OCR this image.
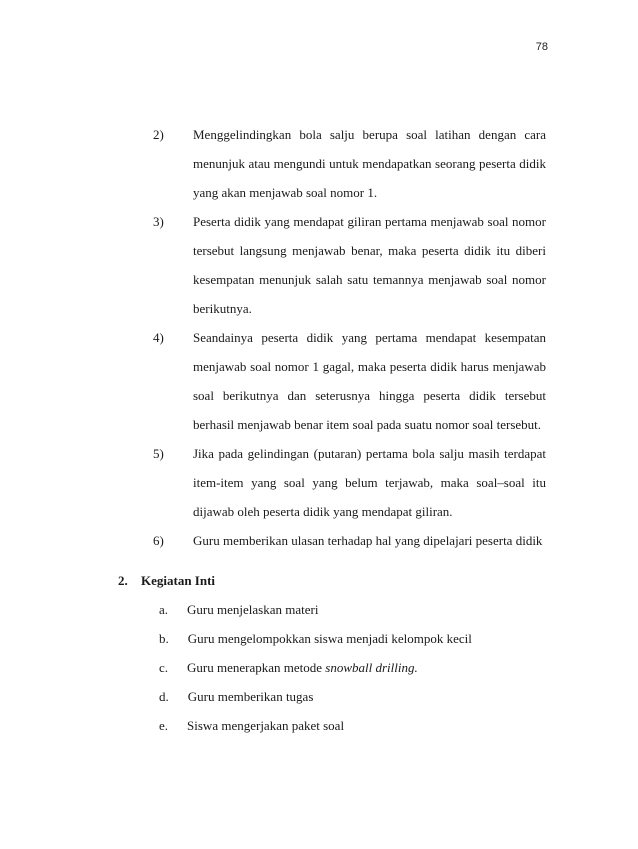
78
2)	Menggelindingkan bola salju berupa soal latihan dengan cara menunjuk atau mengundi untuk mendapatkan seorang peserta didik yang akan menjawab soal nomor 1.
3)	Peserta didik yang mendapat giliran pertama menjawab soal nomor tersebut langsung menjawab benar, maka peserta didik itu diberi kesempatan menunjuk salah satu temannya menjawab soal nomor berikutnya.
4)	Seandainya peserta didik yang pertama mendapat kesempatan menjawab soal nomor 1 gagal, maka peserta didik harus menjawab soal berikutnya dan seterusnya hingga peserta didik tersebut berhasil menjawab benar item soal pada suatu nomor soal tersebut.
5)	Jika pada gelindingan (putaran) pertama bola salju masih terdapat item-item yang soal yang belum terjawab, maka soal–soal itu dijawab oleh peserta didik yang mendapat giliran.
6)	Guru memberikan ulasan terhadap hal yang dipelajari peserta didik

2. Kegiatan Inti

a. Guru menjelaskan materi
b. Guru mengelompokkan siswa menjadi kelompok kecil
c. Guru menerapkan metode snowball drilling.
d. Guru memberikan tugas
e. Siswa mengerjakan paket soal
